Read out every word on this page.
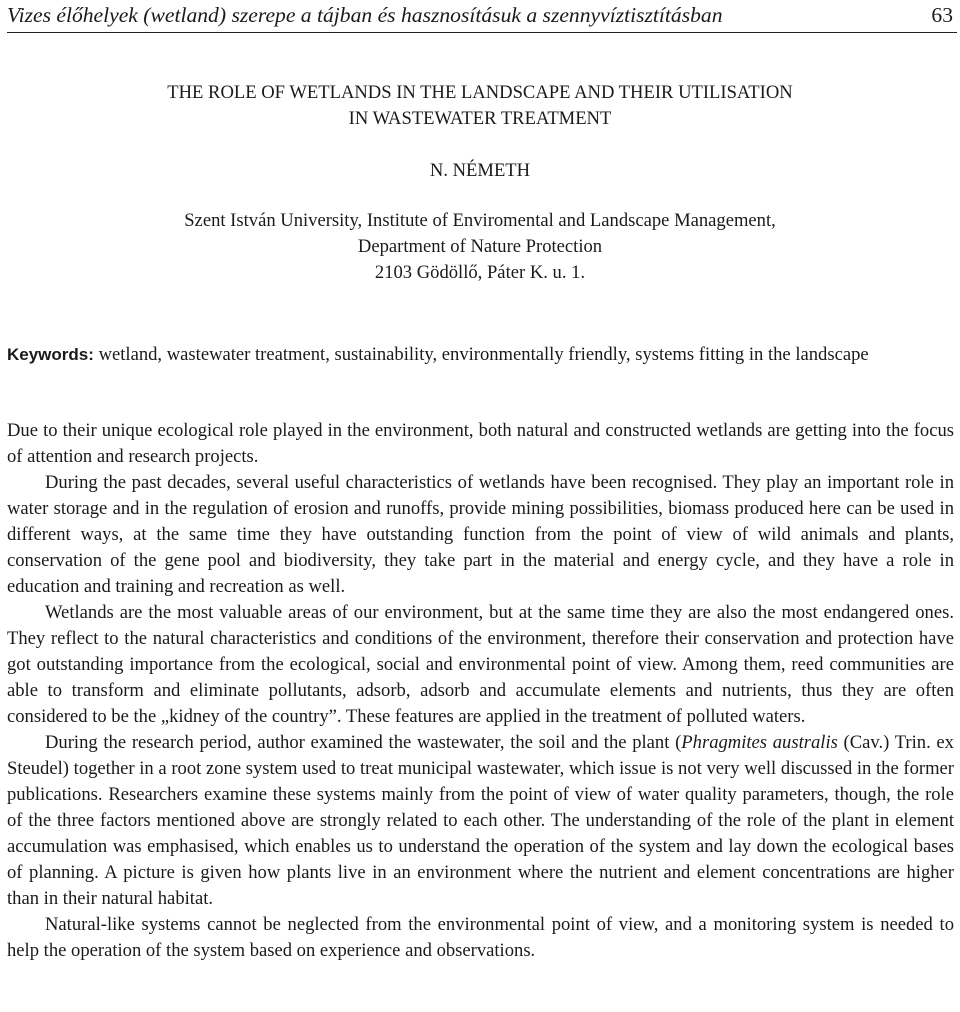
Vizes élőhelyek (wetland) szerepe a tájban és hasznosításuk a szennyvíztisztításban	63
THE ROLE OF WETLANDS IN THE LANDSCAPE AND THEIR UTILISATION
IN WASTEWATER TREATMENT
N. NÉMETH
Szent István University, Institute of Enviromental and Landscape Management,
Department of Nature Protection
2103 Gödöllő, Páter K. u. 1.
Keywords: wetland, wastewater treatment, sustainability, environmentally friendly, systems fitting in the landscape

Due to their unique ecological role played in the environment, both natural and constructed wetlands are getting into the focus of attention and research projects.

During the past decades, several useful characteristics of wetlands have been recognised. They play an important role in water storage and in the regulation of erosion and runoffs, provide mining possibilities, biomass produced here can be used in different ways, at the same time they have outstanding function from the point of view of wild animals and plants, conservation of the gene pool and biodiversity, they take part in the material and energy cycle, and they have a role in education and training and recreation as well.

Wetlands are the most valuable areas of our environment, but at the same time they are also the most endangered ones. They reflect to the natural characteristics and conditions of the environment, therefore their conservation and protection have got outstanding importance from the ecological, social and environmental point of view. Among them, reed communities are able to transform and eliminate pollutants, adsorb, adsorb and accumulate elements and nutrients, thus they are often considered to be the „kidney of the country”. These features are applied in the treatment of polluted waters.

During the research period, author examined the wastewater, the soil and the plant (Phragmites australis (Cav.) Trin. ex Steudel) together in a root zone system used to treat municipal wastewater, which issue is not very well discussed in the former publications. Researchers examine these systems mainly from the point of view of water quality parameters, though, the role of the three factors mentioned above are strongly related to each other. The understanding of the role of the plant in element accumulation was emphasised, which enables us to understand the operation of the system and lay down the ecological bases of planning. A picture is given how plants live in an environment where the nutrient and element concentrations are higher than in their natural habitat.

Natural-like systems cannot be neglected from the environmental point of view, and a monitoring system is needed to help the operation of the system based on experience and observations.
